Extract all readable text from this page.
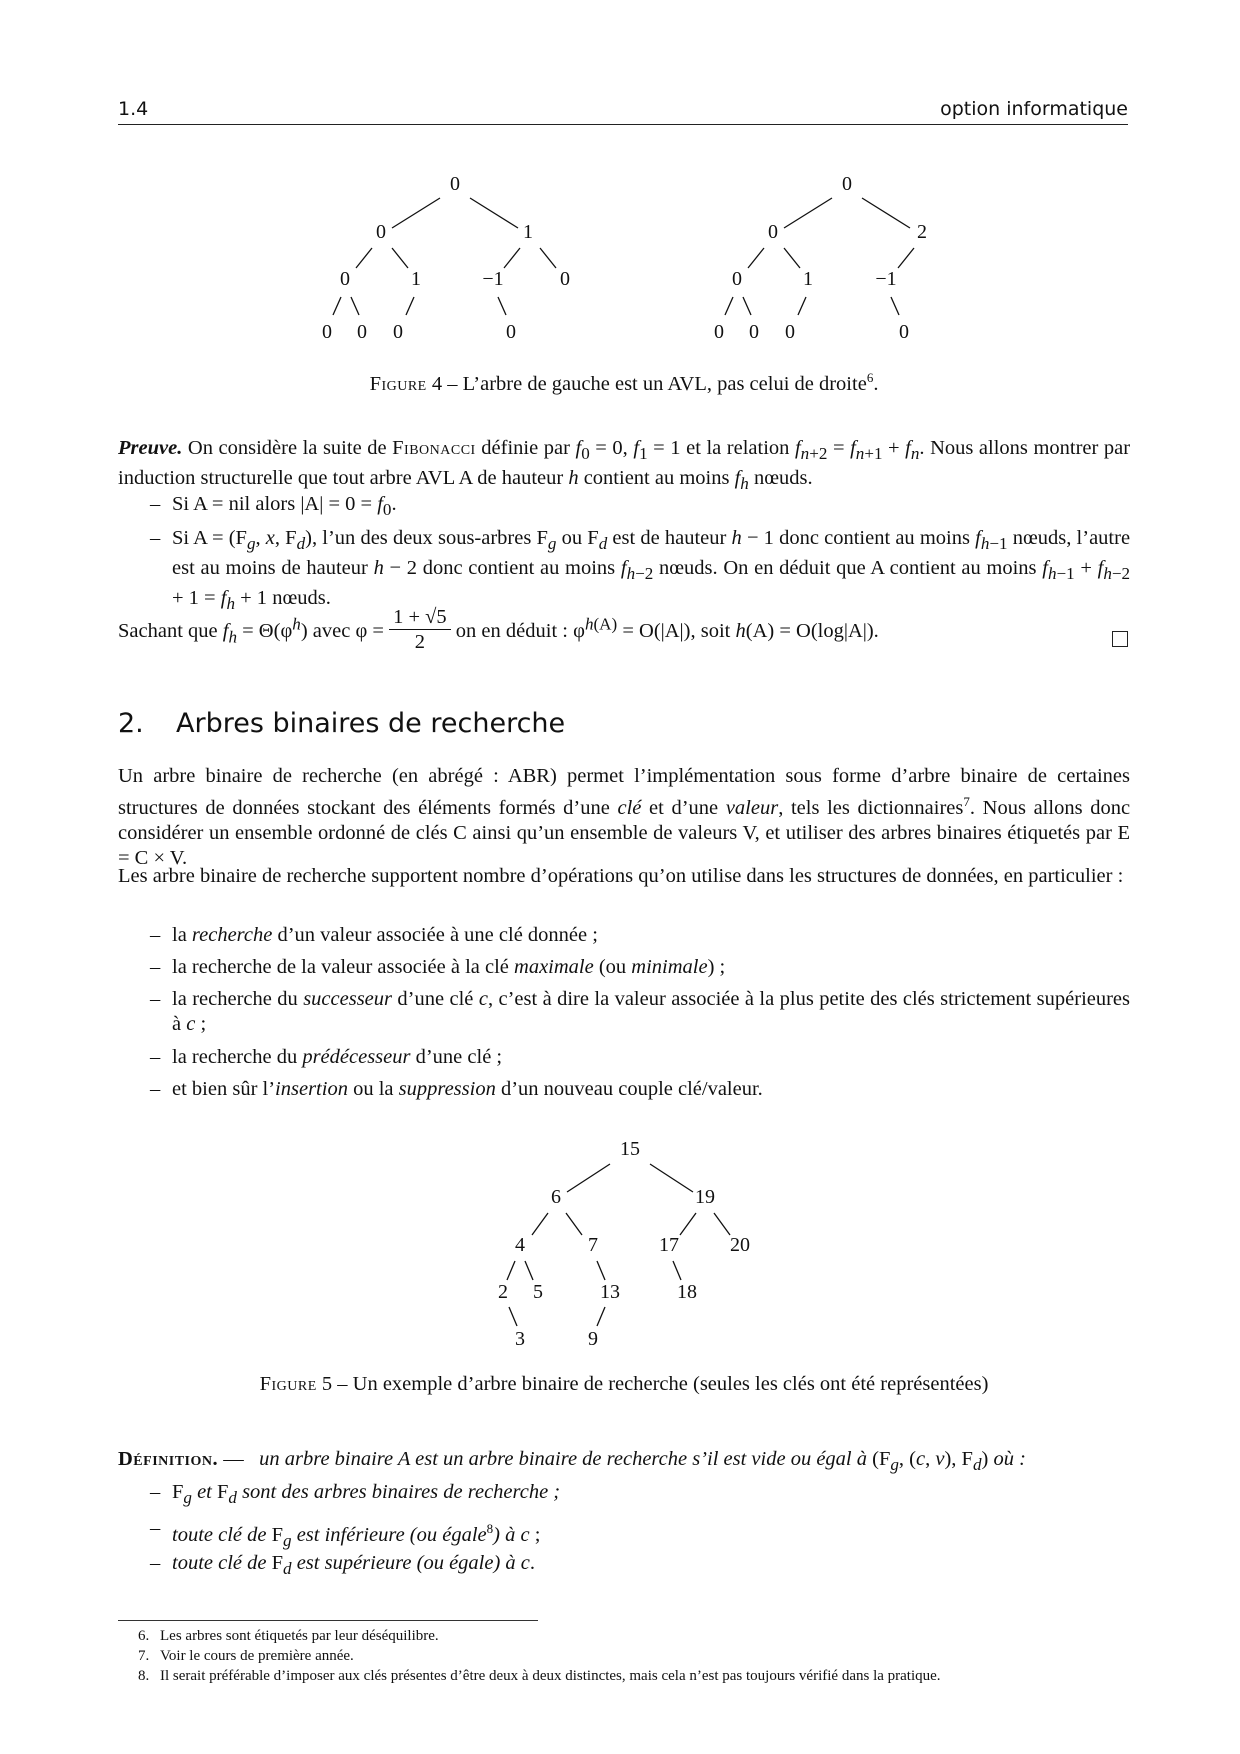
1.4	option informatique
0
0	1
0	1	−1	0
0 0 0	0
0
0	2
0	1	−1
0 0 0	0
Figure 4 – L’arbre de gauche est un AVL, pas celui de droite$^6$.
Preuve. On considère la suite de Fibonacci définie par $f_0 = 0$, $f_1 = 1$ et la relation $f_{n+2} = f_{n+1} + f_n$. Nous allons montrer par induction structurelle que tout arbre AVL A de hauteur h contient au moins $f_h$ nœuds.
– Si A = nil alors $|A| = 0 = f_0$.
– Si $A = (F_g$, x, $F_d$), l’un des deux sous-arbres $F_g$ ou $F_d$ est de hauteur h − 1 donc contient au moins $f_{h-1}$ nœuds, l’autre est au moins de hauteur h − 2 donc contient au moins $f_{h-2}$ nœuds. On en déduit que A contient au moins $f_{h-1} + f_{h-2} + 1 = f_h + 1$ nœuds.
Sachant que $f_h = \Theta(\varphi^h)$ avec $\varphi = \frac{1 + √5}{2}$ on en déduit : $\varphi^{h(A)} = O(|A|)$, soit h(A) = O(log|A|).
2. Arbres binaires de recherche
Un arbre binaire de recherche (en abrégé : ABR) permet l’implémentation sous forme d’arbre binaire de certaines structures de données stockant des éléments formés d’une clé et d’une valeur, tels les dictionnaires$^7$. Nous allons donc considérer un ensemble ordonné de clés C ainsi qu’un ensemble de valeurs V, et utiliser des arbres binaires étiquetés par E = C × V.
Les arbre binaire de recherche supportent nombre d’opérations qu’on utilise dans les structures de données, en particulier :
– la recherche d’un valeur associée à une clé donnée ;
– la recherche de la valeur associée à la clé maximale (ou minimale) ;
– la recherche du successeur d’une clé c, c’est à dire la valeur associée à la plus petite des clés strictement supérieures à c ;
– la recherche du prédécesseur d’une clé ;
– et bien sûr l’insertion ou la suppression d’un nouveau couple clé/valeur.
15
6	19
4	7	17	20
2 5	13	18
3	9
Figure 5 – Un exemple d’arbre binaire de recherche (seules les clés ont été représentées)
Définition. — un arbre binaire A est un arbre binaire de recherche s’il est vide ou égal à ($F_g$, (c, v), $F_d$) où :
– $F_g$ et $F_d$ sont des arbres binaires de recherche ;
– toute clé de $F_g$ est inférieure (ou égale$^8$) à c ;
– toute clé de $F_d$ est supérieure (ou égale) à c.
6. Les arbres sont étiquetés par leur déséquilibre.
7. Voir le cours de première année.
8. Il serait préférable d’imposer aux clés présentes d’être deux à deux distinctes, mais cela n’est pas toujours vérifié dans la pratique.
